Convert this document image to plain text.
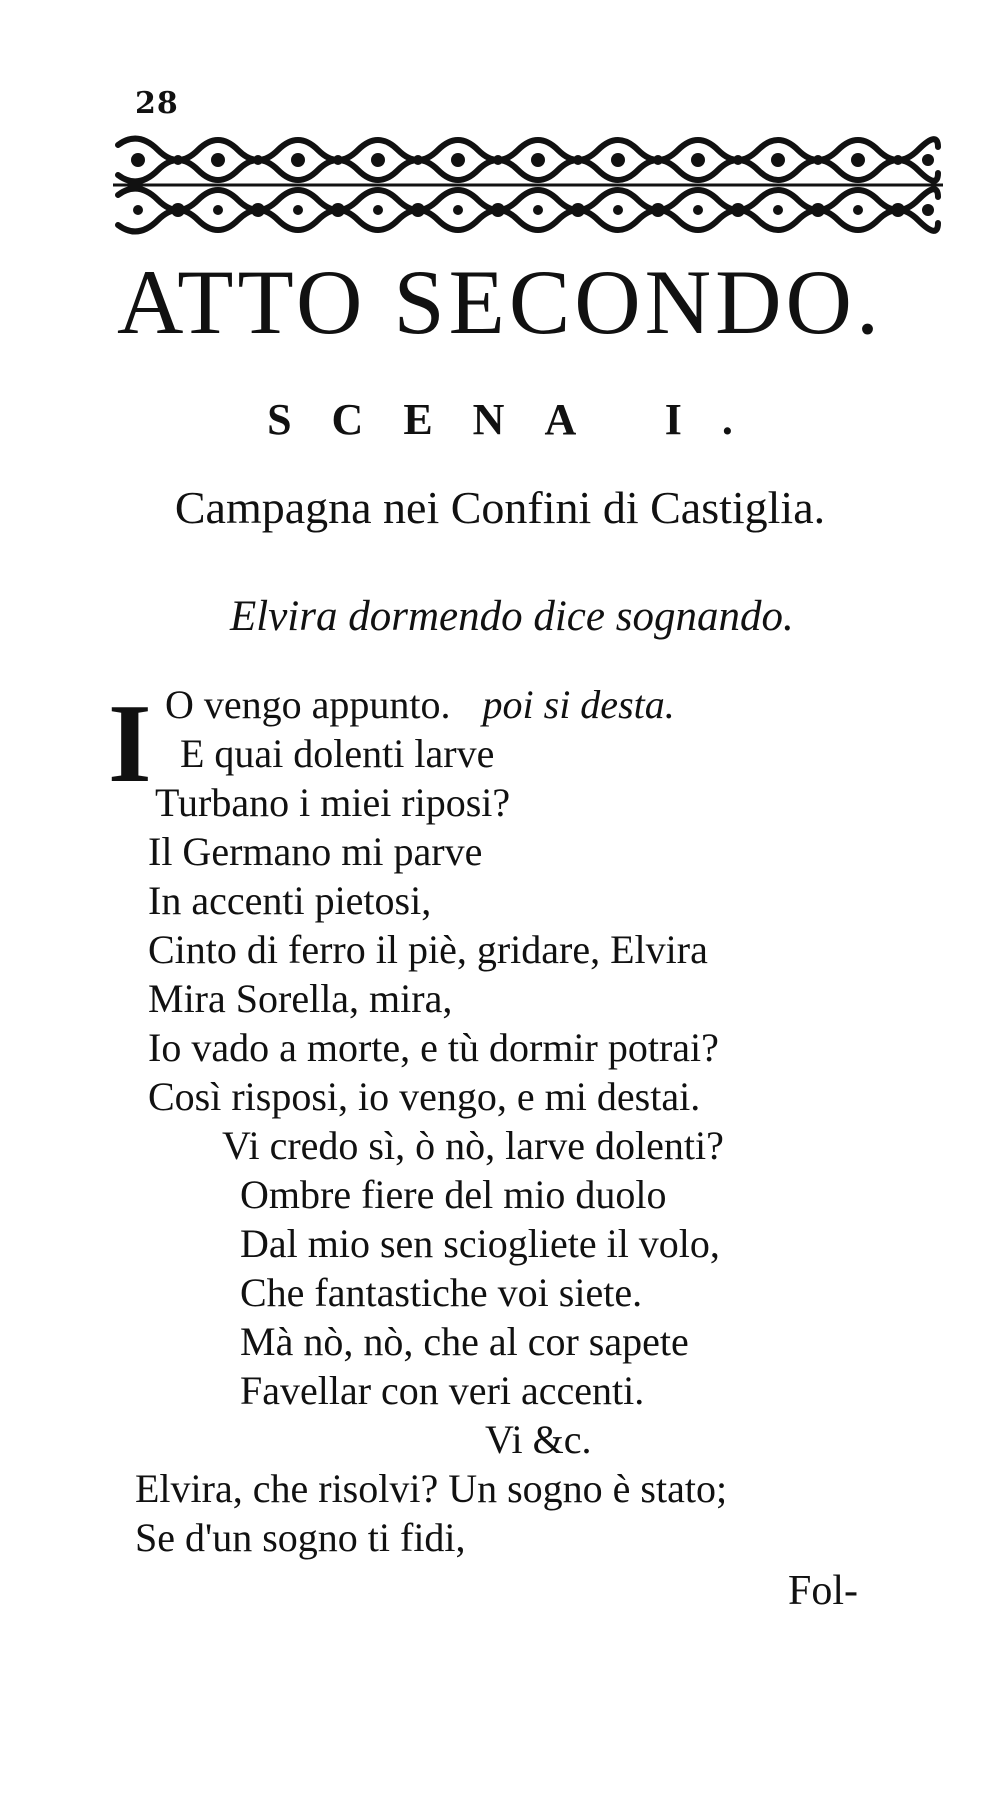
28
ATTO SECONDO.
SCENA I.
Campagna nei Confini di Castiglia.
Elvira dormendo dice sognando.
I O vengo appunto. poi si desta.
E quai dolenti larve
Turbano i miei riposi?
Il Germano mi parve
In accenti pietosi,
Cinto di ferro il piè, gridare, Elvira
Mira Sorella, mira,
Io vado a morte, e tù dormir potrai?
Così risposi, io vengo, e mi destai.
Vi credo sì, ò nò, larve dolenti?
Ombre fiere del mio duolo
Dal mio sen sciogliete il volo,
Che fantastiche voi siete.
Mà nò, nò, che al cor sapete
Favellar con veri accenti.
Vi &c.
Elvira, che risolvi? Un sogno è stato;
Se d'un sogno ti fidi,
Fol-
